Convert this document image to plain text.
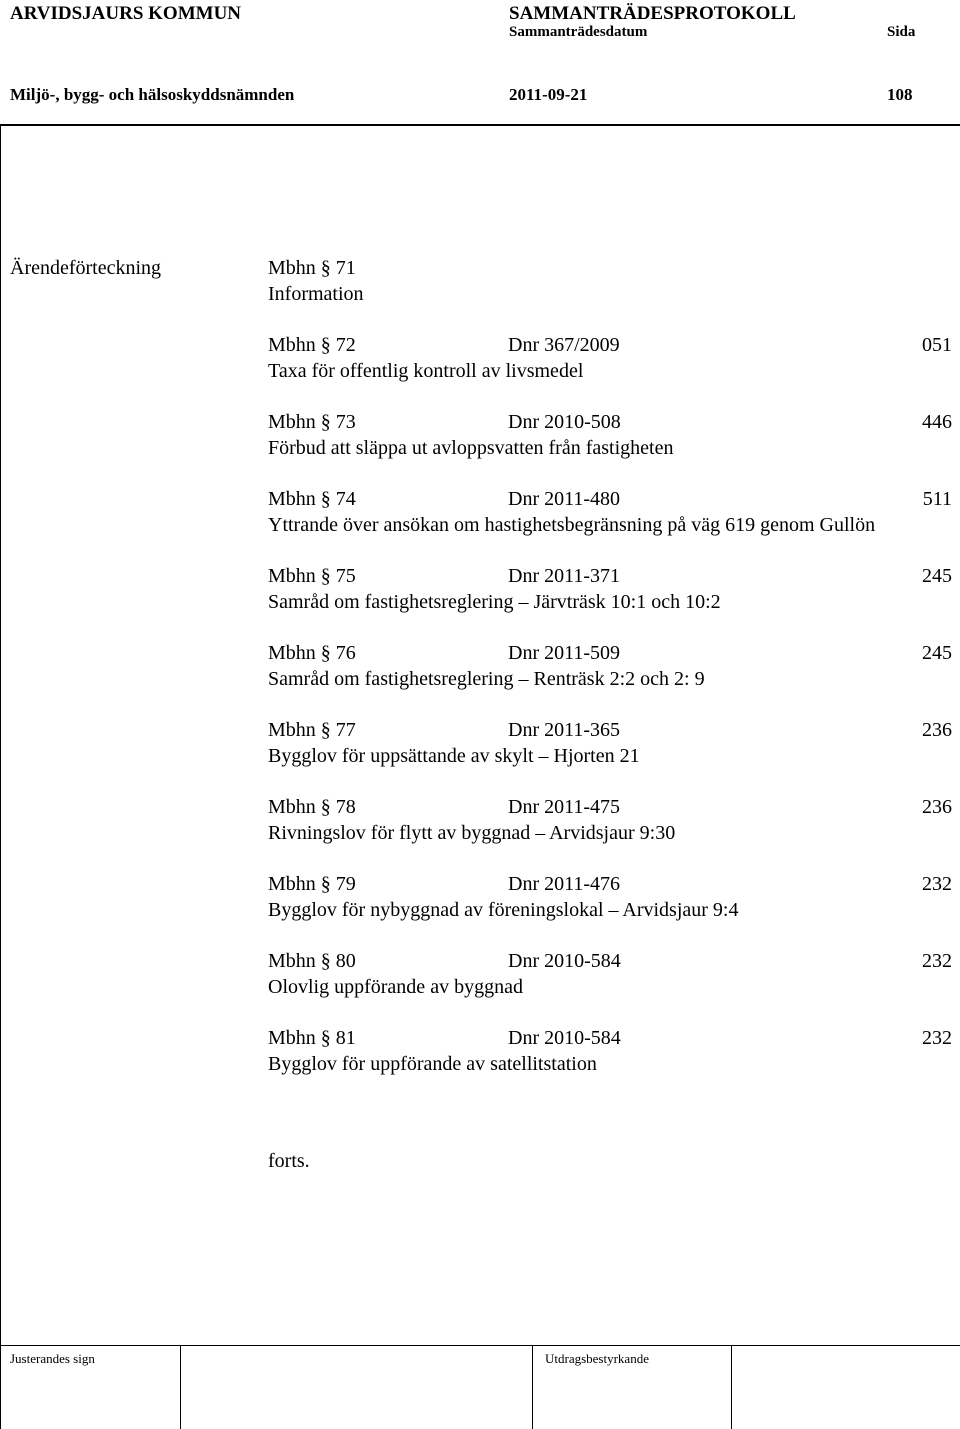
ARVIDSJAURS KOMMUN	SAMMANTRÄDESPROTOKOLL
Sammanträdesdatum	Sida
Miljö-, bygg- och hälsoskyddsnämnden	2011-09-21	108
Ärendeförteckning	Mbhn § 71
Information
Mbhn § 72	Dnr 367/2009	051
Taxa för offentlig kontroll av livsmedel
Mbhn § 73	Dnr 2010-508	446
Förbud att släppa ut avloppsvatten från fastigheten
Mbhn § 74	Dnr 2011-480	511
Yttrande över ansökan om hastighetsbegränsning på väg 619 genom Gullön
Mbhn § 75	Dnr 2011-371	245
Samråd om fastighetsreglering – Järvträsk 10:1 och 10:2
Mbhn § 76	Dnr 2011-509	245
Samråd om fastighetsreglering – Renträsk 2:2 och 2: 9
Mbhn § 77	Dnr 2011-365	236
Bygglov för uppsättande av skylt – Hjorten 21
Mbhn § 78	Dnr 2011-475	236
Rivningslov för flytt av byggnad – Arvidsjaur 9:30
Mbhn § 79	Dnr 2011-476	232
Bygglov för nybyggnad av föreningslokal – Arvidsjaur 9:4
Mbhn § 80	Dnr 2010-584	232
Olovlig uppförande av byggnad
Mbhn § 81	Dnr 2010-584	232
Bygglov för uppförande av satellitstation
forts.
Justerandes sign	Utdragsbestyrkande
